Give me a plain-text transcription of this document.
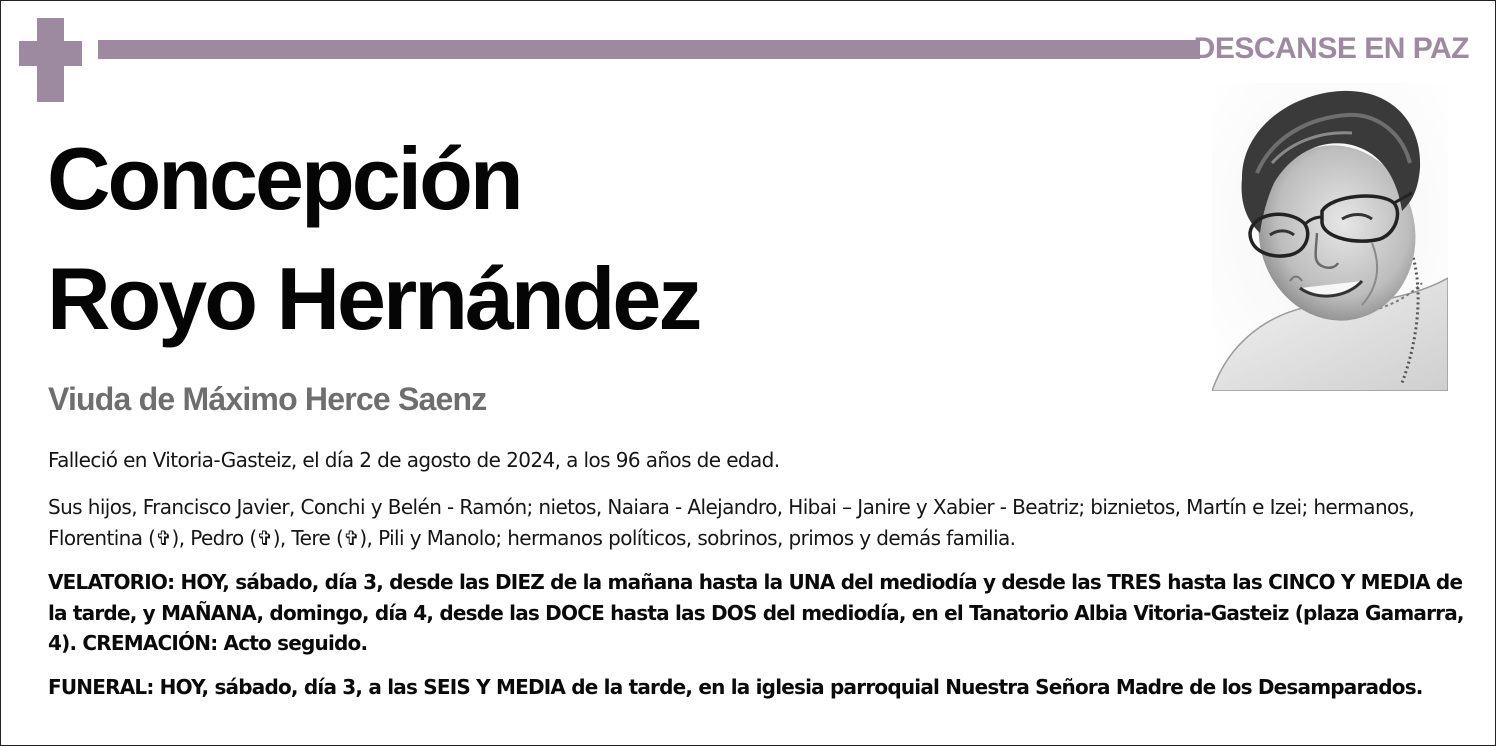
DESCANSE EN PAZ
Concepción
Royo Hernández
Viuda de Máximo Herce Saenz

Falleció en Vitoria-Gasteiz, el día 2 de agosto de 2024, a los 96 años de edad.

Sus hijos, Francisco Javier, Conchi y Belén - Ramón; nietos, Naiara - Alejandro, Hibai – Janire y Xabier - Beatriz; biznietos, Martín e Izei; hermanos, Florentina (✞), Pedro (✞), Tere (✞), Pili y Manolo; hermanos políticos, sobrinos, primos y demás familia.

VELATORIO: HOY, sábado, día 3, desde las DIEZ de la mañana hasta la UNA del mediodía y desde las TRES hasta las CINCO Y MEDIA de la tarde, y MAÑANA, domingo, día 4, desde las DOCE hasta las DOS del mediodía, en el Tanatorio Albia Vitoria-Gasteiz (plaza Gamarra, 4). CREMACIÓN: Acto seguido.

FUNERAL: HOY, sábado, día 3, a las SEIS Y MEDIA de la tarde, en la iglesia parroquial Nuestra Señora Madre de los Desamparados.
